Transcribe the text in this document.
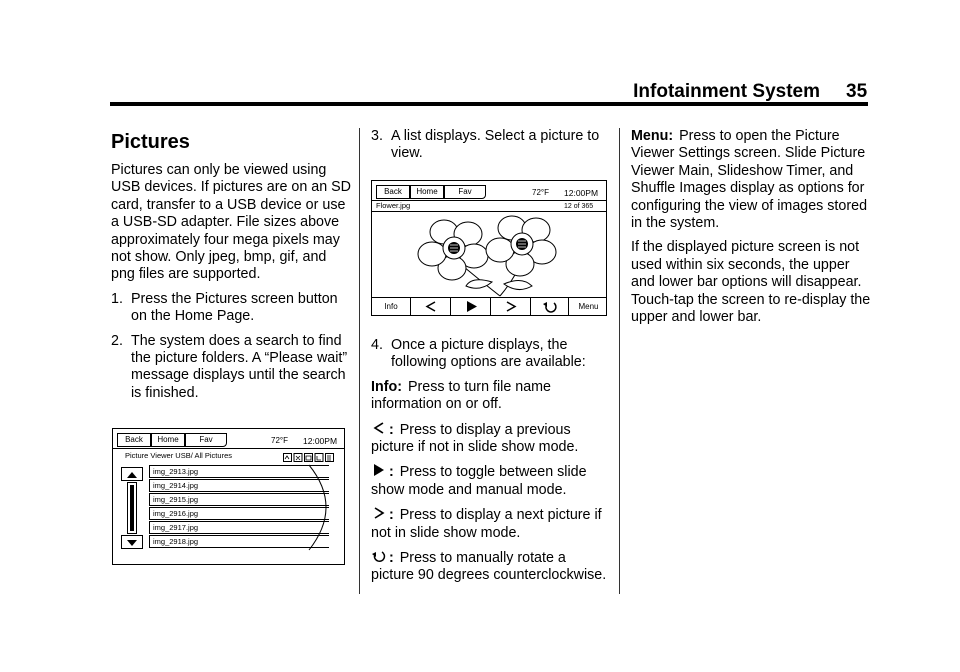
Infotainment System 35
Pictures

Pictures can only be viewed using USB devices. If pictures are on an SD card, transfer to a USB device or use a USB-SD adapter. File sizes above approximately four mega pixels may not show. Only jpeg, bmp, gif, and png files are supported.

1. Press the Pictures screen button on the Home Page.
2. The system does a search to find the picture folders. A “Please wait” message displays until the search is finished.
Back	Home	Fav	72°F 12:00PM
Picture Viewer USB/ All Pictures
img_2913.jpg
img_2914.jpg
img_2915.jpg
img_2916.jpg
img_2917.jpg
img_2918.jpg
3. A list displays. Select a picture to view.
Back	Home	Fav	72°F 12:00PM
Flower.jpg	12 of 365
Info	Menu
4. Once a picture displays, the following options are available:

Info: Press to turn file name information on or off.

: Press to display a previous picture if not in slide show mode.

: Press to toggle between slide show mode and manual mode.

: Press to display a next picture if not in slide show mode.

: Press to manually rotate a picture 90 degrees counterclockwise.

Menu: Press to open the Picture Viewer Settings screen. Slide Picture Viewer Main, Slideshow Timer, and Shuffle Images display as options for configuring the view of images stored in the system.

If the displayed picture screen is not used within six seconds, the upper and lower bar options will disappear. Touch-tap the screen to re-display the upper and lower bar.
